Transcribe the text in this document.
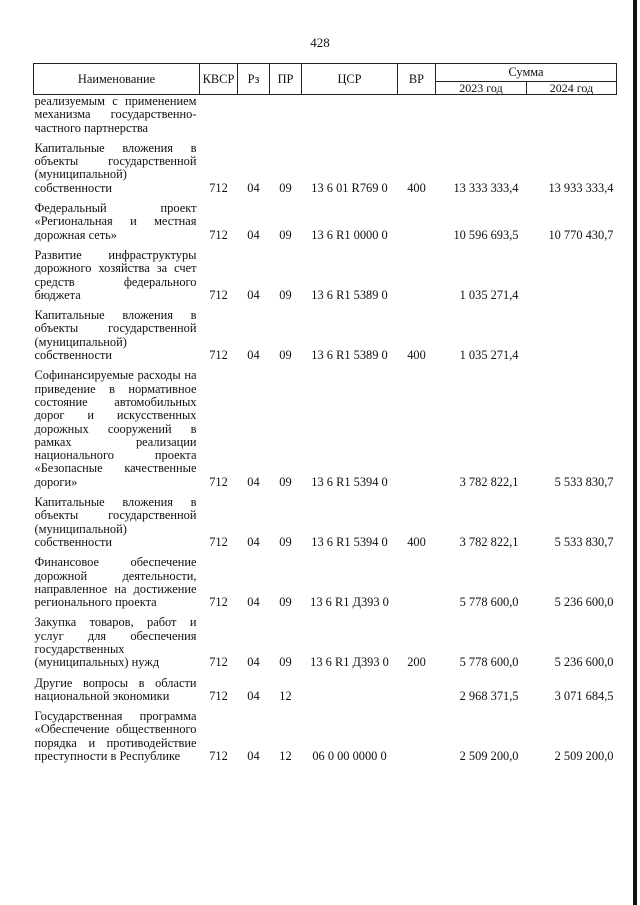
428
Наименование	КВСР	Рз	ПР	ЦСР	ВР	Сумма	
						2023 год	2024 год
реализуемым с применением механизма государственно-частного партнерства							
Капитальные вложения в объекты государственной (муниципальной) собственности	712	04	09	13 6 01 R769 0	400	13 333 333,4	13 933 333,4
Федеральный проект «Региональная и местная дорожная сеть»	712	04	09	13 6 R1 0000 0		10 596 693,5	10 770 430,7
Развитие инфраструктуры дорожного хозяйства за счет средств федерального бюджета	712	04	09	13 6 R1 5389 0		1 035 271,4	
Капитальные вложения в объекты государственной (муниципальной) собственности	712	04	09	13 6 R1 5389 0	400	1 035 271,4	
Софинансируемые расходы на приведение в нормативное состояние автомобильных дорог и искусственных дорожных сооружений в рамках реализации национального проекта «Безопасные качественные дороги»	712	04	09	13 6 R1 5394 0		3 782 822,1	5 533 830,7
Капитальные вложения в объекты государственной (муниципальной) собственности	712	04	09	13 6 R1 5394 0	400	3 782 822,1	5 533 830,7
Финансовое обеспечение дорожной деятельности, направленное на достижение регионального проекта	712	04	09	13 6 R1 Д393 0		5 778 600,0	5 236 600,0
Закупка товаров, работ и услуг для обеспечения государственных (муниципальных) нужд	712	04	09	13 6 R1 Д393 0	200	5 778 600,0	5 236 600,0
Другие вопросы в области национальной экономики	712	04	12			2 968 371,5	3 071 684,5
Государственная программа «Обеспечение общественного порядка и противодействие преступности в Республике	712	04	12	06 0 00 0000 0		2 509 200,0	2 509 200,0
